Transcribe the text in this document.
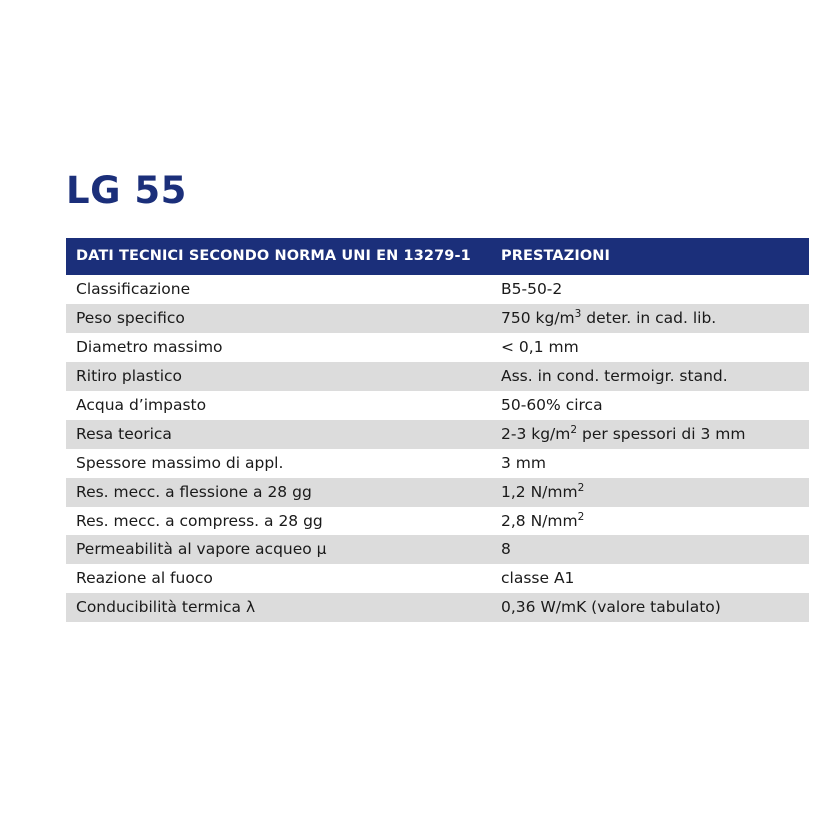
LG 55
DATI TECNICI SECONDO NORMA UNI EN 13279-1	PRESTAZIONI
Classificazione	B5-50-2
Peso specifico	750 $kg/m^3$ deter. in cad. lib.
Diametro massimo	< 0,1 mm
Ritiro plastico	Ass. in cond. termoigr. stand.
Acqua d’impasto	50-60% circa
Resa teorica	2-3 $kg/m^2$ per spessori di 3 mm
Spessore massimo di appl.	3 mm
Res. mecc. a flessione a 28 gg	1,2 $N/mm^2$
Res. mecc. a compress. a 28 gg	2,8 $N/mm^2$
Permeabilità al vapore acqueo μ	8
Reazione al fuoco	classe A1
Conducibilità termica λ	0,36 W/mK (valore tabulato)
